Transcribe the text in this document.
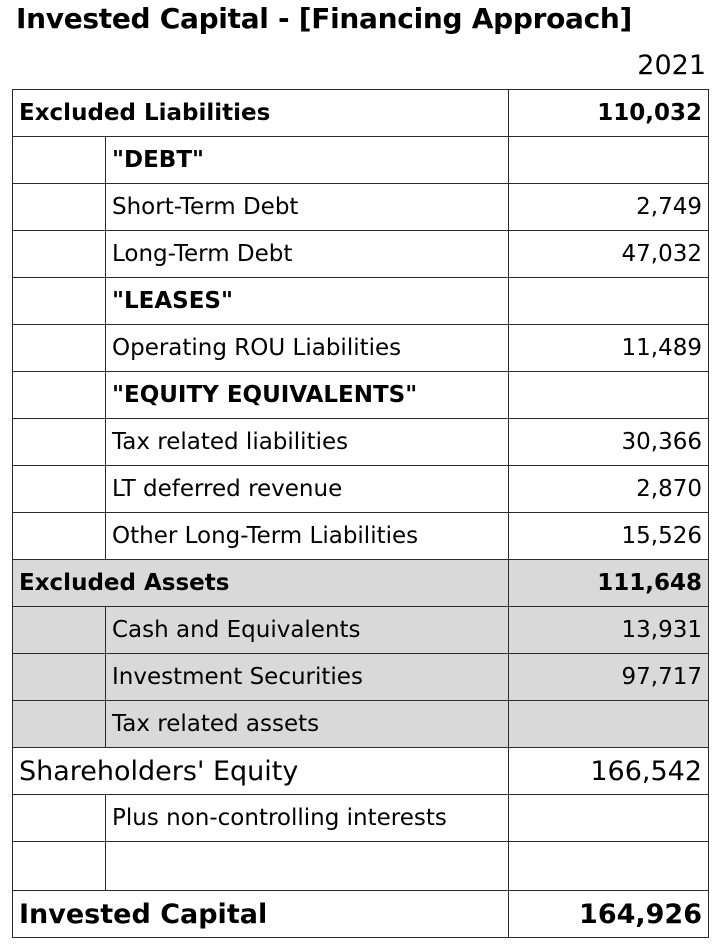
Invested Capital - [Financing Approach]
2021
Excluded Liabilities		110,032
	"DEBT"	
	Short-Term Debt	2,749
	Long-Term Debt	47,032
	"LEASES"	
	Operating ROU Liabilities	11,489
	"EQUITY EQUIVALENTS"	
	Tax related liabilities	30,366
	LT deferred revenue	2,870
	Other Long-Term Liabilities	15,526
Excluded Assets		111,648
	Cash and Equivalents	13,931
	Investment Securities	97,717
	Tax related assets	
Shareholders' Equity		166,542
	Plus non-controlling interests	

Invested Capital		164,926
